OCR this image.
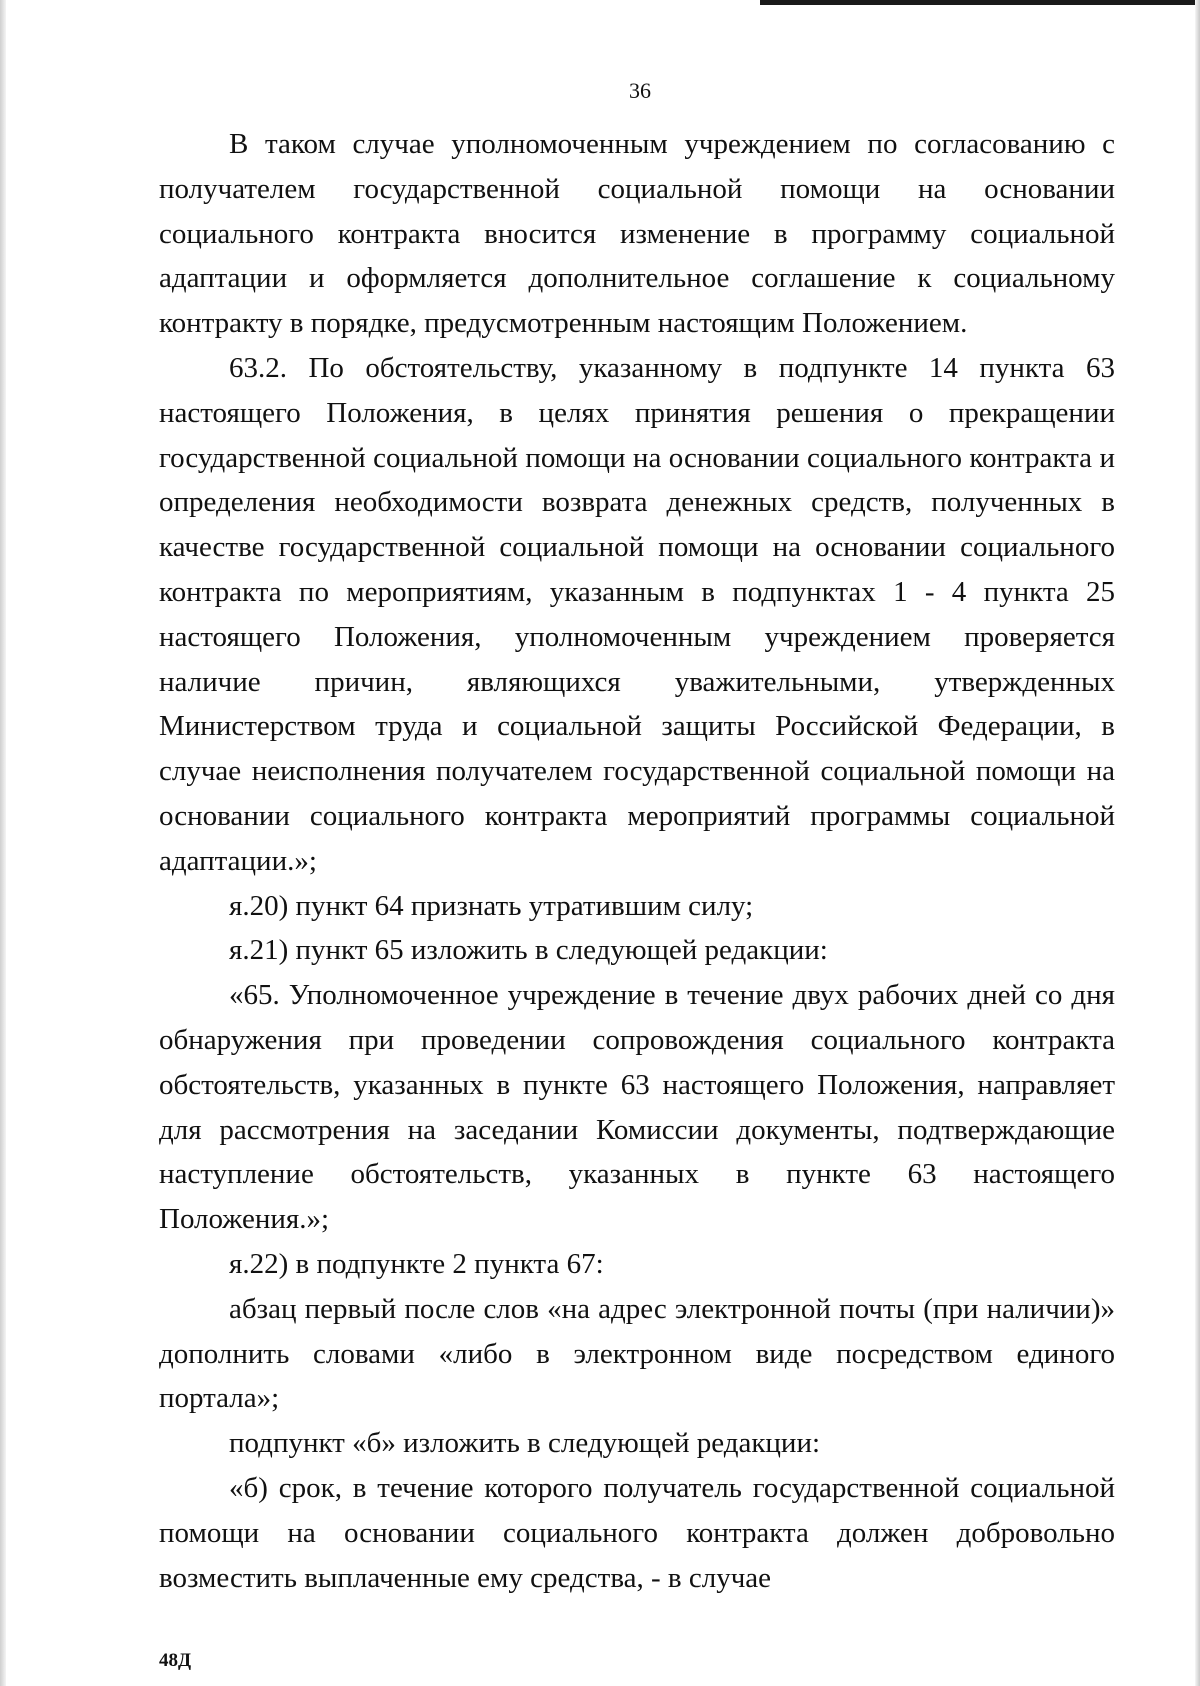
36

В таком случае уполномоченным учреждением по согласованию с получателем государственной социальной помощи на основании социального контракта вносится изменение в программу социальной адаптации и оформляется дополнительное соглашение к социальному контракту в порядке, предусмотренным настоящим Положением.

63.2. По обстоятельству, указанному в подпункте 14 пункта 63 настоящего Положения, в целях принятия решения о прекращении государственной социальной помощи на основании социального контракта и определения необходимости возврата денежных средств, полученных в качестве государственной социальной помощи на основании социального контракта по мероприятиям, указанным в подпунктах 1 - 4 пункта 25 настоящего Положения, уполномоченным учреждением проверяется наличие причин, являющихся уважительными, утвержденных Министерством труда и социальной защиты Российской Федерации, в случае неисполнения получателем государственной социальной помощи на основании социального контракта мероприятий программы социальной адаптации.»;

я.20) пункт 64 признать утратившим силу;

я.21) пункт 65 изложить в следующей редакции:

«65. Уполномоченное учреждение в течение двух рабочих дней со дня обнаружения при проведении сопровождения социального контракта обстоятельств, указанных в пункте 63 настоящего Положения, направляет для рассмотрения на заседании Комиссии документы, подтверждающие наступление обстоятельств, указанных в пункте 63 настоящего Положения.»;

я.22) в подпункте 2 пункта 67:

абзац первый после слов «на адрес электронной почты (при наличии)» дополнить словами «либо в электронном виде посредством единого портала»;

подпункт «б» изложить в следующей редакции:

«б) срок, в течение которого получатель государственной социальной помощи на основании социального контракта должен добровольно возместить выплаченные ему средства, - в случае

48Д
